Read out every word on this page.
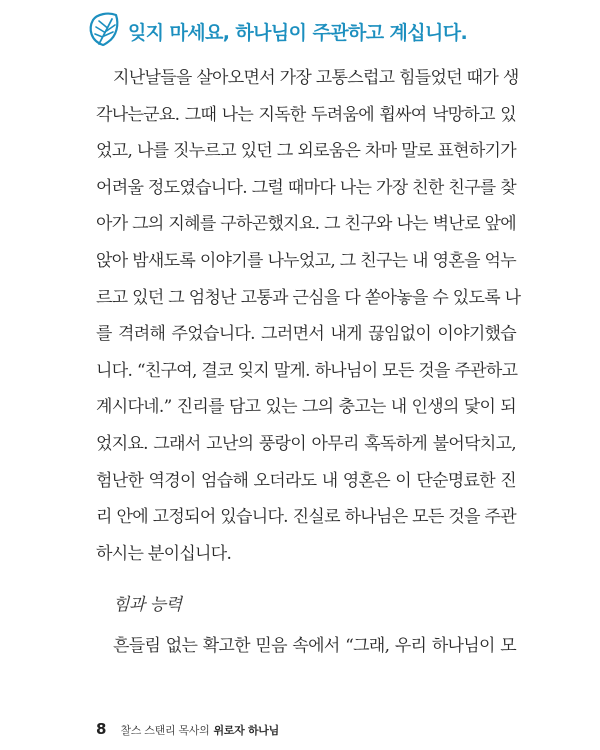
잊지 마세요, 하나님이 주관하고 계십니다.
지난날들을 살아오면서 가장 고통스럽고 힘들었던 때가 생
각나는군요. 그때 나는 지독한 두려움에 휩싸여 낙망하고 있
었고, 나를 짓누르고 있던 그 외로움은 차마 말로 표현하기가
어려울 정도였습니다. 그럴 때마다 나는 가장 친한 친구를 찾
아가 그의 지혜를 구하곤했지요. 그 친구와 나는 벽난로 앞에
앉아 밤새도록 이야기를 나누었고, 그 친구는 내 영혼을 억누
르고 있던 그 엄청난 고통과 근심을 다 쏟아놓을 수 있도록 나
를 격려해 주었습니다. 그러면서 내게 끊임없이 이야기했습
니다. “친구여, 결코 잊지 말게. 하나님이 모든 것을 주관하고
계시다네.” 진리를 담고 있는 그의 충고는 내 인생의 닻이 되
었지요. 그래서 고난의 풍랑이 아무리 혹독하게 불어닥치고,
험난한 역경이 엄습해 오더라도 내 영혼은 이 단순명료한 진
리 안에 고정되어 있습니다. 진실로 하나님은 모든 것을 주관
하시는 분이십니다.
힘과 능력
흔들림 없는 확고한 믿음 속에서 “그래, 우리 하나님이 모
8 찰스 스탠리 목사의 위로자 하나님
